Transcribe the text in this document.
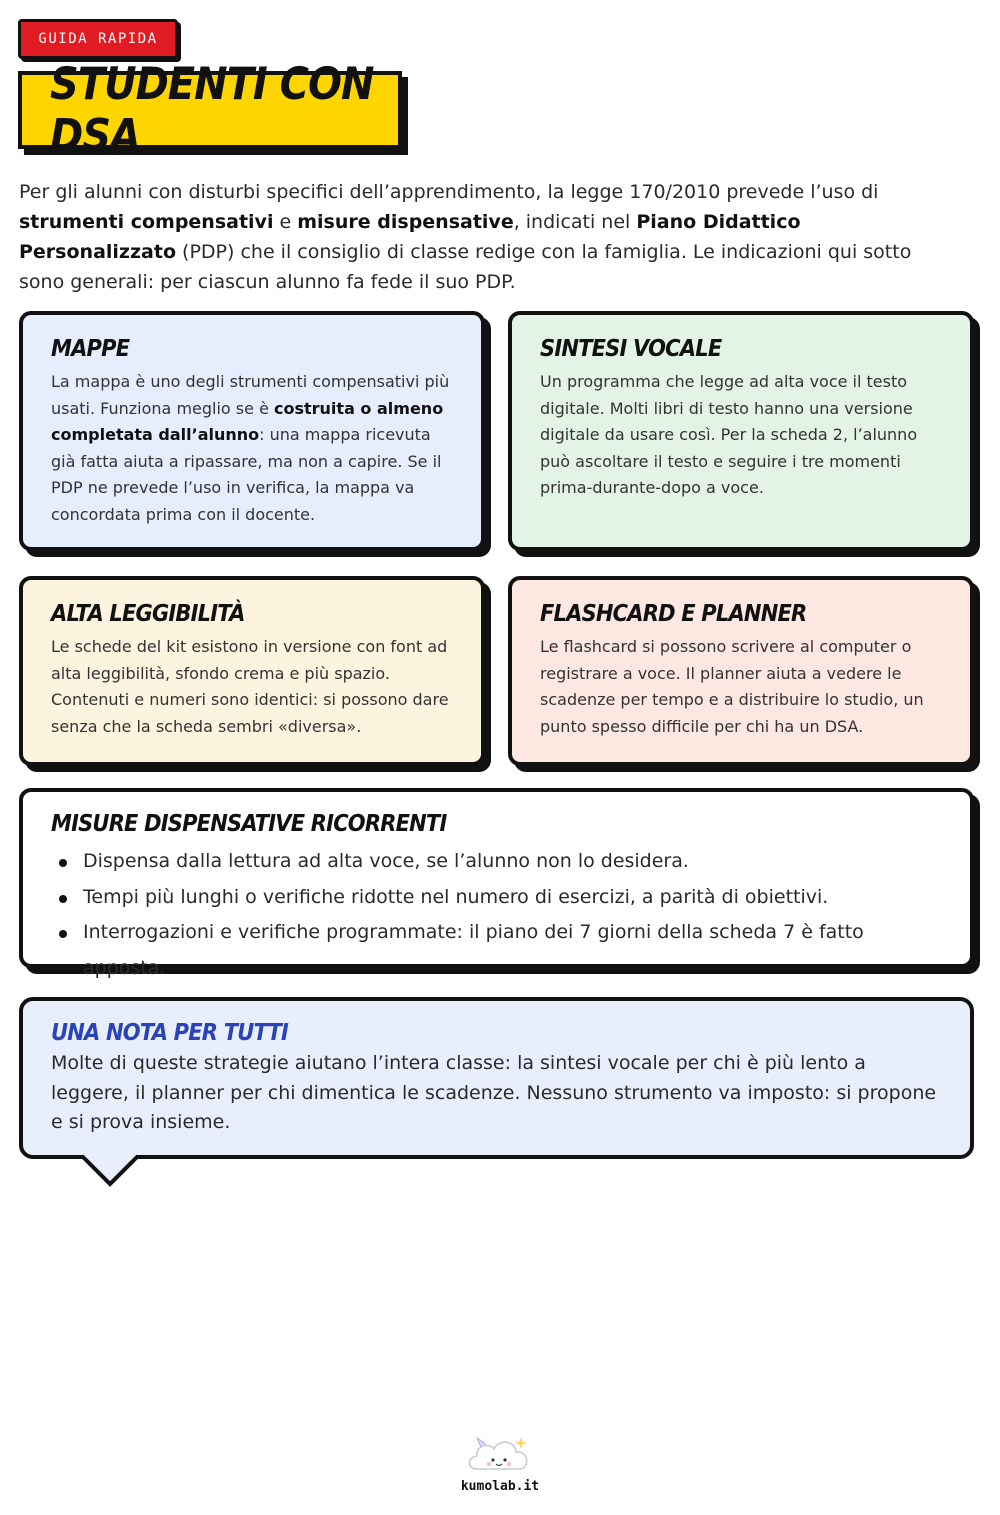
GUIDA RAPIDA
STUDENTI CON DSA

Per gli alunni con disturbi specifici dell’apprendimento, la legge 170/2010 prevede l’uso di strumenti compensativi e misure dispensative, indicati nel Piano Didattico Personalizzato (PDP) che il consiglio di classe redige con la famiglia. Le indicazioni qui sotto sono generali: per ciascun alunno fa fede il suo PDP.

MAPPE

La mappa è uno degli strumenti compensativi più usati. Funziona meglio se è costruita o almeno completata dall’alunno: una mappa ricevuta già fatta aiuta a ripassare, ma non a capire. Se il PDP ne prevede l’uso in verifica, la mappa va concordata prima con il docente.

SINTESI VOCALE

Un programma che legge ad alta voce il testo digitale. Molti libri di testo hanno una versione digitale da usare così. Per la scheda 2, l’alunno può ascoltare il testo e seguire i tre momenti prima-durante-dopo a voce.

ALTA LEGGIBILITÀ

Le schede del kit esistono in versione con font ad alta leggibilità, sfondo crema e più spazio. Contenuti e numeri sono identici: si possono dare senza che la scheda sembri «diversa».

FLASHCARD E PLANNER

Le flashcard si possono scrivere al computer o registrare a voce. Il planner aiuta a vedere le scadenze per tempo e a distribuire lo studio, un punto spesso difficile per chi ha un DSA.

MISURE DISPENSATIVE RICORRENTI
Dispensa dalla lettura ad alta voce, se l’alunno non lo desidera.
Tempi più lunghi o verifiche ridotte nel numero di esercizi, a parità di obiettivi.
Interrogazioni e verifiche programmate: il piano dei 7 giorni della scheda 7 è fatto apposta.
UNA NOTA PER TUTTI

Molte di queste strategie aiutano l’intera classe: la sintesi vocale per chi è più lento a leggere, il planner per chi dimentica le scadenze. Nessuno strumento va imposto: si propone e si prova insieme.

kumolab.it
